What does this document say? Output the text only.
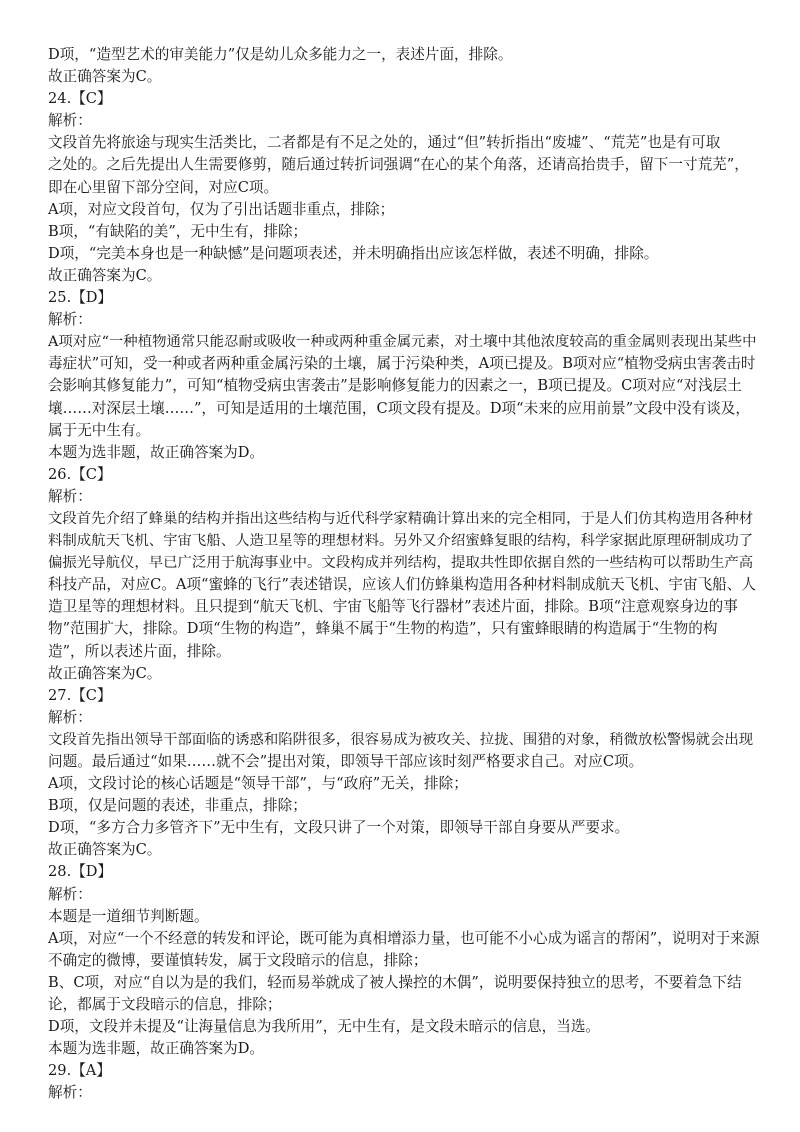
D项，“造型艺术的审美能力”仅是幼儿众多能力之一，表述片面，排除。
故正确答案为C。
24.【C】
解析：
文段首先将旅途与现实生活类比，二者都是有不足之处的，通过“但”转折指出“废墟”、“荒芜”也是有可取
之处的。之后先提出人生需要修剪，随后通过转折词强调“在心的某个角落，还请高抬贵手，留下一寸荒芜”，
即在心里留下部分空间，对应C项。
A项，对应文段首句，仅为了引出话题非重点，排除；
B项，“有缺陷的美”，无中生有，排除；
D项，“完美本身也是一种缺憾”是问题项表述，并未明确指出应该怎样做，表述不明确，排除。
故正确答案为C。
25.【D】
解析：
A项对应“一种植物通常只能忍耐或吸收一种或两种重金属元素，对土壤中其他浓度较高的重金属则表现出某些中
毒症状”可知，受一种或者两种重金属污染的土壤，属于污染种类，A项已提及。B项对应“植物受病虫害袭击时
会影响其修复能力”，可知“植物受病虫害袭击”是影响修复能力的因素之一，B项已提及。C项对应“对浅层土
壤……对深层土壤……”，可知是适用的土壤范围，C项文段有提及。D项“未来的应用前景”文段中没有谈及，
属于无中生有。
本题为选非题，故正确答案为D。
26.【C】
解析：
文段首先介绍了蜂巢的结构并指出这些结构与近代科学家精确计算出来的完全相同，于是人们仿其构造用各种材
料制成航天飞机、宇宙飞船、人造卫星等的理想材料。另外又介绍蜜蜂复眼的结构，科学家据此原理研制成功了
偏振光导航仪，早已广泛用于航海事业中。文段构成并列结构，提取共性即依据自然的一些结构可以帮助生产高
科技产品，对应C。A项“蜜蜂的飞行”表述错误，应该人们仿蜂巢构造用各种材料制成航天飞机、宇宙飞船、人
造卫星等的理想材料。且只提到“航天飞机、宇宙飞船等飞行器材”表述片面，排除。B项“注意观察身边的事
物”范围扩大，排除。D项“生物的构造”，蜂巢不属于“生物的构造”，只有蜜蜂眼睛的构造属于“生物的构
造”，所以表述片面，排除。
故正确答案为C。
27.【C】
解析：
文段首先指出领导干部面临的诱惑和陷阱很多，很容易成为被攻关、拉拢、围猎的对象，稍微放松警惕就会出现
问题。最后通过“如果……就不会”提出对策，即领导干部应该时刻严格要求自己。对应C项。
A项，文段讨论的核心话题是“领导干部”，与“政府”无关，排除；
B项，仅是问题的表述，非重点，排除；
D项，“多方合力多管齐下”无中生有，文段只讲了一个对策，即领导干部自身要从严要求。
故正确答案为C。
28.【D】
解析：
本题是一道细节判断题。
A项，对应“一个不经意的转发和评论，既可能为真相增添力量，也可能不小心成为谣言的帮闲”，说明对于来源
不确定的微博，要谨慎转发，属于文段暗示的信息，排除；
B、C项，对应“自以为是的我们，轻而易举就成了被人操控的木偶”，说明要保持独立的思考，不要着急下结
论，都属于文段暗示的信息，排除；
D项，文段并未提及“让海量信息为我所用”，无中生有，是文段未暗示的信息，当选。
本题为选非题，故正确答案为D。
29.【A】
解析：
